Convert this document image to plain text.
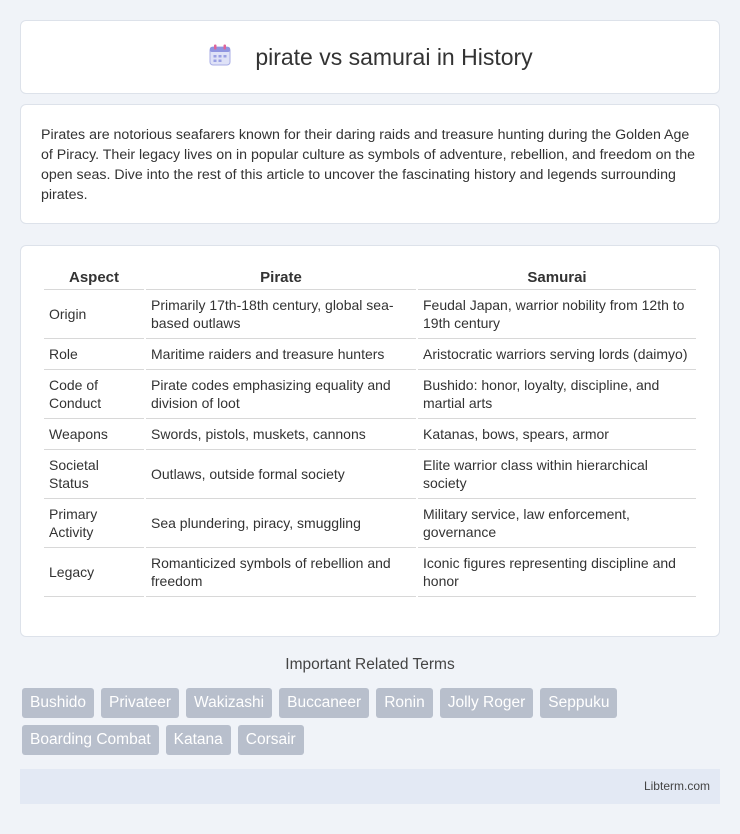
pirate vs samurai in History

Pirates are notorious seafarers known for their daring raids and treasure hunting during the Golden Age of Piracy. Their legacy lives on in popular culture as symbols of adventure, rebellion, and freedom on the open seas. Dive into the rest of this article to uncover the fascinating history and legends surrounding pirates.

Aspect	Pirate	Samurai
Origin	Primarily 17th-18th century, global sea-based outlaws	Feudal Japan, warrior nobility from 12th to 19th century
Role	Maritime raiders and treasure hunters	Aristocratic warriors serving lords (daimyo)
Code of Conduct	Pirate codes emphasizing equality and division of loot	Bushido: honor, loyalty, discipline, and martial arts
Weapons	Swords, pistols, muskets, cannons	Katanas, bows, spears, armor
Societal Status	Outlaws, outside formal society	Elite warrior class within hierarchical society
Primary Activity	Sea plundering, piracy, smuggling	Military service, law enforcement, governance
Legacy	Romanticized symbols of rebellion and freedom	Iconic figures representing discipline and honor
Important Related Terms
Bushido	Privateer	Wakizashi	Buccaneer	Ronin	Jolly Roger	Seppuku
Boarding Combat	Katana	Corsair
Libterm.com
